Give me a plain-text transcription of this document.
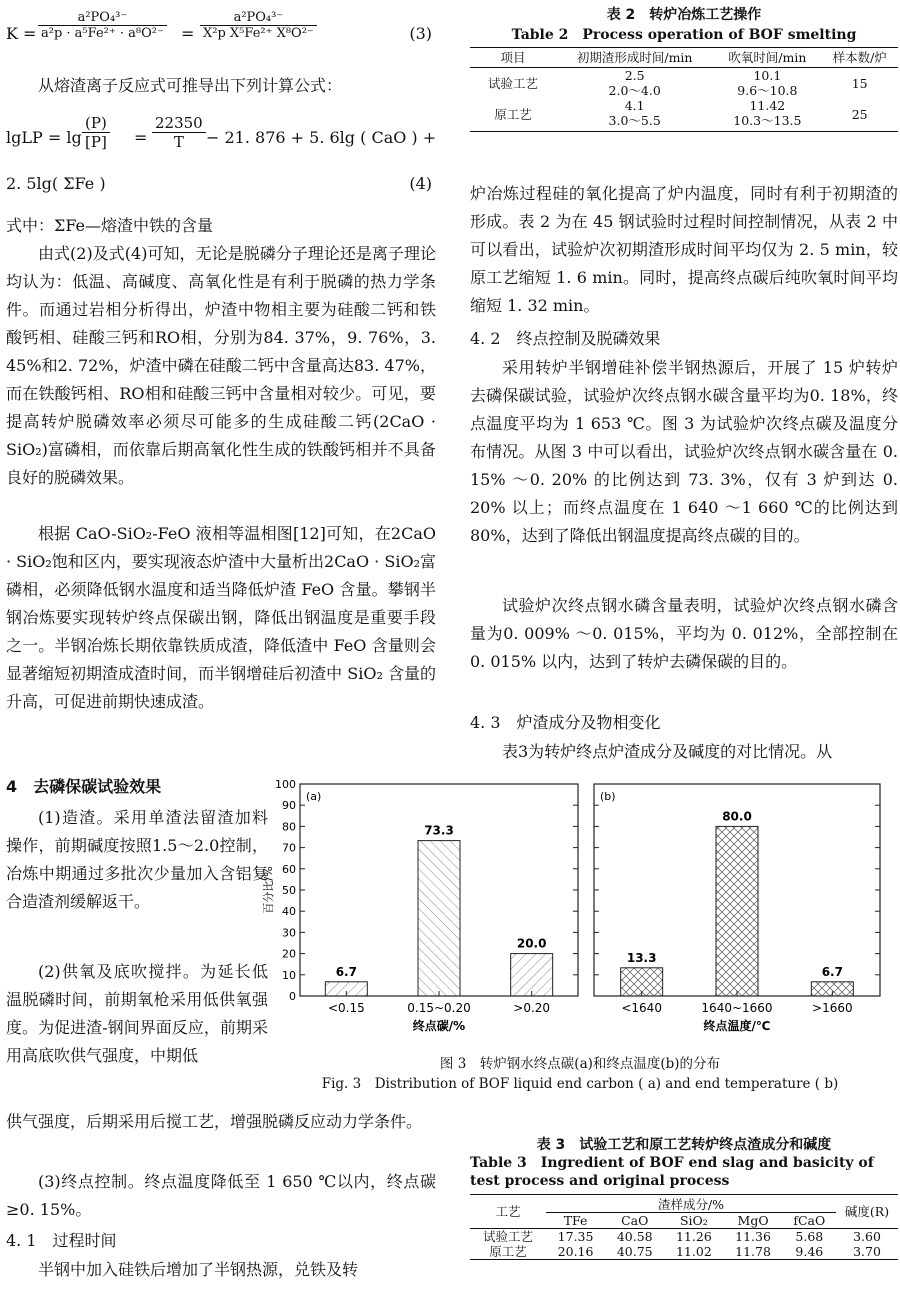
$K = \frac{\text{a²PO₄³⁻}}{\text{a²p · a⁵Fe²⁺ · a⁸O²⁻}} = \frac{\text{a²PO₄³⁻}}{\text{X²p X⁵Fe²⁺ X⁸O²⁻}}$	(3)

从熔渣离子反应式可推导出下列计算公式：

lgLP = $\lg \frac{(P)}{[P]} = \frac{22350}{T} - 21$. 876 + 5. 6lg ( CaO ) +
2. 5lg( ΣFe )	(4)

式中：ΣFe—熔渣中铁的含量

由式(2)及式(4)可知，无论是脱磷分子理论还是离子理论均认为：低温、高碱度、高氧化性是有利于脱磷的热力学条件。而通过岩相分析得出，炉渣中物相主要为硅酸二钙和铁酸钙相、硅酸三钙和RO相，分别为84. 37%，9. 76%，3. 45%和2. 72%，炉渣中磷在硅酸二钙中含量高达83. 47%，而在铁酸钙相、RO相和硅酸三钙中含量相对较少。可见，要提高转炉脱磷效率必须尽可能多的生成硅酸二钙(2CaO · SiO₂)富磷相，而依靠后期高氧化性生成的铁酸钙相并不具备良好的脱磷效果。

根据 CaO-SiO₂-FeO 液相等温相图[12]可知，在2CaO · SiO₂饱和区内，要实现液态炉渣中大量析出2CaO · SiO₂富磷相，必须降低钢水温度和适当降低炉渣 FeO 含量。攀钢半钢冶炼要实现转炉终点保碳出钢，降低出钢温度是重要手段之一。半钢冶炼长期依靠铁质成渣，降低渣中 FeO 含量则会显著缩短初期渣成渣时间，而半钢增硅后初渣中 SiO₂ 含量的升高，可促进前期快速成渣。

4　去磷保碳试验效果

(1)造渣。采用单渣法留渣加料操作，前期碱度按照1.5～2.0控制，冶炼中期通过多批次少量加入含铝复合造渣剂缓解返干。

(2)供氧及底吹搅拌。为延长低温脱磷时间，前期氧枪采用低供氧强度。为促进渣-钢间界面反应，前期采用高底吹供气强度，中期低

供气强度，后期采用后搅工艺，增强脱磷反应动力学条件。

(3)终点控制。终点温度降低至 1 650 ℃以内，终点碳≥0. 15%。

4. 1　过程时间

半钢中加入硅铁后增加了半钢热源，兑铁及转

表 2　转炉冶炼工艺操作
Table 2　Process operation of BOF smelting
项目	初期渣形成时间/min	吹氧时间/min	样本数/炉
试验工艺	2.5	10.1	15
	2.0～4.0	9.6～10.8	
原工艺	4.1	11.42	25
	3.0～5.5	10.3～13.5	

炉冶炼过程硅的氧化提高了炉内温度，同时有利于初期渣的形成。表 2 为在 45 钢试验时过程时间控制情况，从表 2 中可以看出，试验炉次初期渣形成时间平均仅为 2. 5 min，较原工艺缩短 1. 6 min。同时，提高终点碳后纯吹氧时间平均缩短 1. 32 min。

4. 2　终点控制及脱磷效果

采用转炉半钢增硅补偿半钢热源后，开展了 15 炉转炉去磷保碳试验，试验炉次终点钢水碳含量平均为0. 18%，终点温度平均为 1 653 ℃。图 3 为试验炉次终点碳及温度分布情况。从图 3 中可以看出，试验炉次终点钢水碳含量在 0. 15% ～0. 20% 的比例达到 73. 3%，仅有 3 炉到达 0. 20% 以上；而终点温度在 1 640 ～1 660 ℃的比例达到 80%，达到了降低出钢温度提高终点碳的目的。

试验炉次终点钢水磷含量表明，试验炉次终点钢水磷含量为0. 009% ～0. 015%，平均为 0. 012%，全部控制在 0. 015% 以内，达到了转炉去磷保碳的目的。

4. 3　炉渣成分及物相变化

表3为转炉终点炉渣成分及碱度的对比情况。从

(a)
0
10
20
30
40
50
60
70
80
90
100
6.7
<0.15
73.3
0.15~0.20
20.0
>0.20
终点碳/%
百分比/%
(b)
13.3
<1640
80.0
1640~1660
6.7
>1660
终点温度/℃
图 3　转炉钢水终点碳(a)和终点温度(b)的分布
Fig. 3　Distribution of BOF liquid end carbon ( a) and end temperature ( b)
表 3　试验工艺和原工艺转炉终点渣成分和碱度
Table 3　Ingredient of BOF end slag and basicity of test process and original process
工艺	渣样成分/%					碱度(R)
	TFe	CaO	SiO₂	MgO	fCaO	
试验工艺	17.35	40.58	11.26	11.36	5.68	3.60
原工艺	20.16	40.75	11.02	11.78	9.46	3.70
